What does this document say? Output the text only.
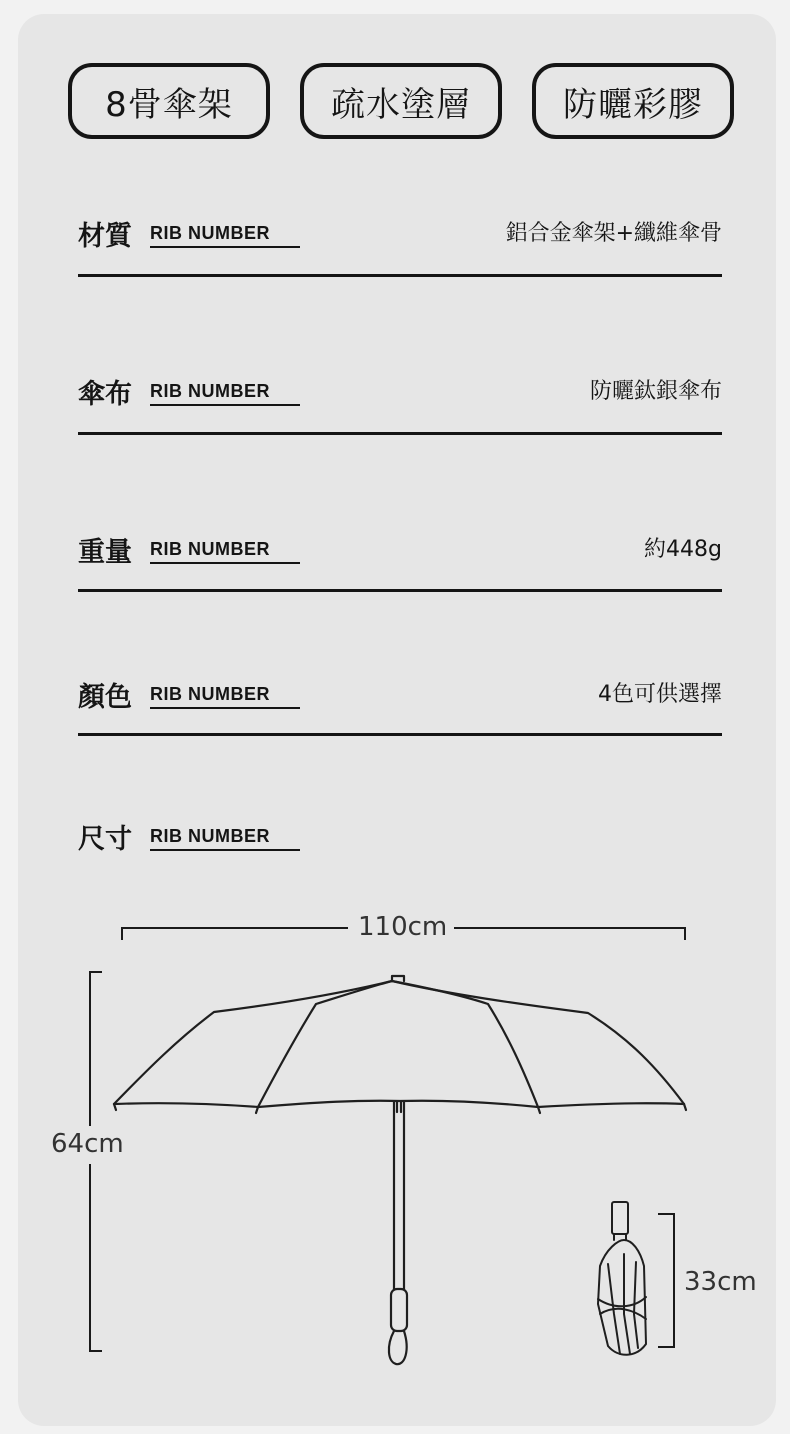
8骨傘架	疏水塗層	防曬彩膠
材質 RIB NUMBER	鋁合金傘架+纖維傘骨
傘布 RIB NUMBER	防曬鈦銀傘布
重量 RIB NUMBER	約448g
顏色 RIB NUMBER	4色可供選擇
尺寸 RIB NUMBER
110cm
64cm
33cm
